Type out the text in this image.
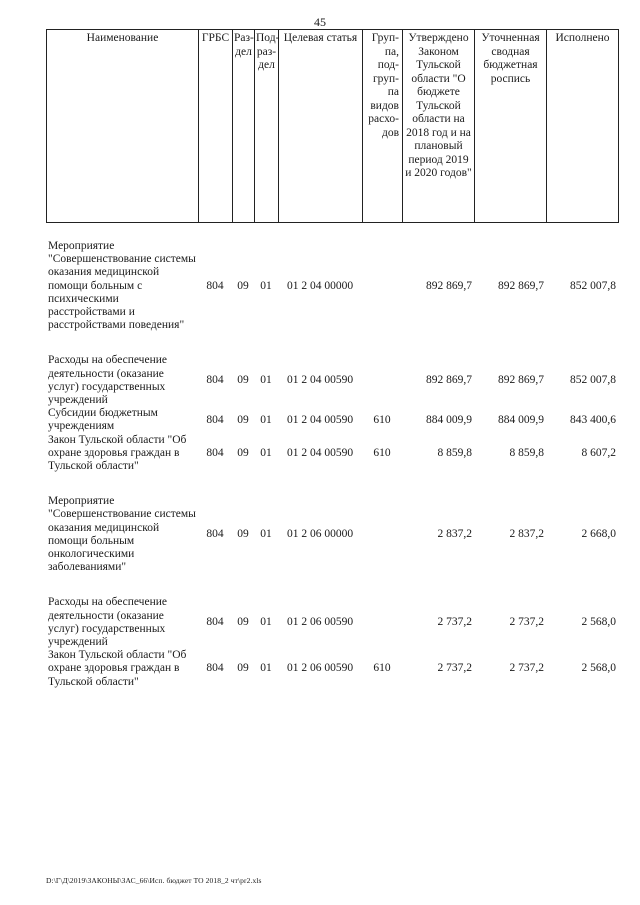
45
Наименование	ГРБС	Раз-дел	Под-раз-дел	Целевая статья	Груп-па, под-груп-па видов расхо-дов	Утверждено Законом Тульской области "О бюджете Тульской области на 2018 год и на плановый период 2019 и 2020 годов"	Уточненная сводная бюджетная роспись	Исполнено
Мероприятие "Совершенствование системы оказания медицинской помощи больным с психическими расстройствами и расстройствами поведения"	804	09	01	01 2 04 00000		892 869,7	892 869,7	852 007,8

Расходы на обеспечение деятельности (оказание услуг) государственных учреждений	804	09	01	01 2 04 00590		892 869,7	892 869,7	852 007,8
Субсидии бюджетным учреждениям	804	09	01	01 2 04 00590	610	884 009,9	884 009,9	843 400,6
Закон Тульской области "Об охране здоровья граждан в Тульской области"	804	09	01	01 2 04 00590	610	8 859,8	8 859,8	8 607,2

Мероприятие "Совершенствование системы оказания медицинской помощи больным онкологическими заболеваниями"	804	09	01	01 2 06 00000		2 837,2	2 837,2	2 668,0

Расходы на обеспечение деятельности (оказание услуг) государственных учреждений	804	09	01	01 2 06 00590		2 737,2	2 737,2	2 568,0
Закон Тульской области "Об охране здоровья граждан в Тульской области"	804	09	01	01 2 06 00590	610	2 737,2	2 737,2	2 568,0
D:\Г\Д\2019\ЗАКОНЫ\ЗАС_66\Исп. бюджет ТО 2018_2 чт\pr2.xls
